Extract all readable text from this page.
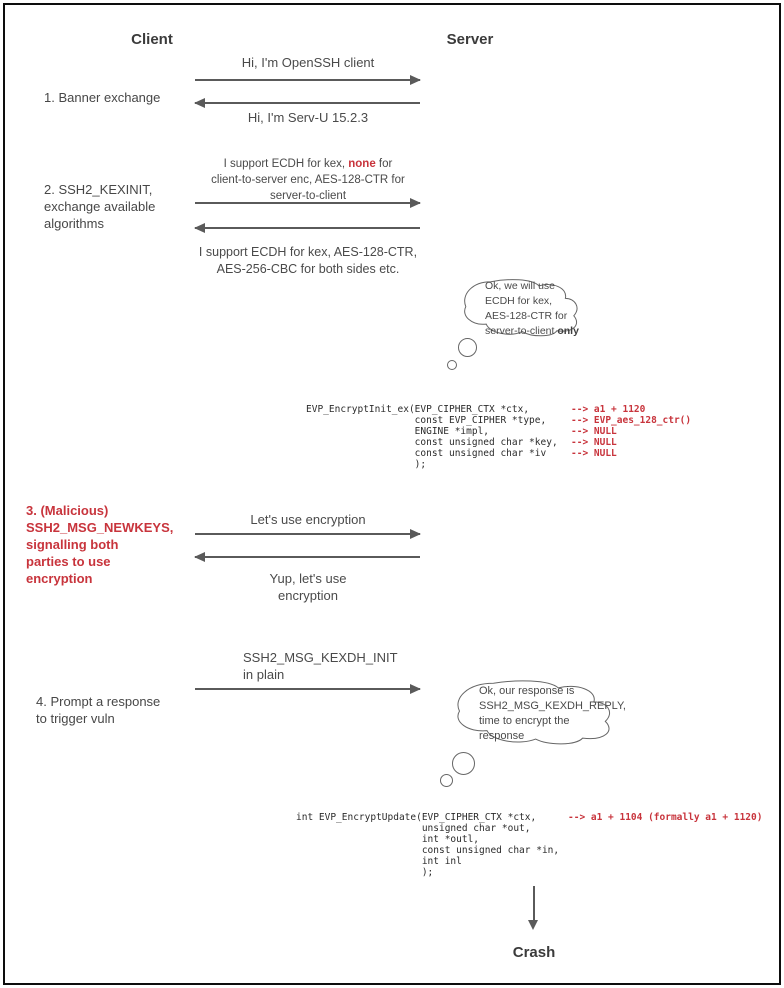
Client	Server
1. Banner exchange
Hi, I'm OpenSSH client
Hi, I'm Serv-U 15.2.3
2. SSH2_KEXINIT,
exchange available
algorithms
I support ECDH for kex, none for
client-to-server enc, AES-128-CTR for
server-to-client
I support ECDH for kex, AES-128-CTR,
AES-256-CBC for both sides etc.
Ok, we will use
ECDH for kex,
AES-128-CTR for
server-to-client only
EVP_EncryptInit_ex(EVP_CIPHER_CTX *ctx,	--> a1 + 1120
const EVP_CIPHER *type,	--> EVP_aes_128_ctr()
ENGINE *impl,	--> NULL
const unsigned char *key, --> NULL
const unsigned char *iv	--> NULL
);
3. (Malicious)
SSH2_MSG_NEWKEYS,
signalling both
parties to use
encryption
Let's use encryption
Yup, let's use
encryption
SSH2_MSG_KEXDH_INIT
in plain
4. Prompt a response
to trigger vuln
Ok, our response is
SSH2_MSG_KEXDH_REPLY,
time to encrypt the
response
int EVP_EncryptUpdate(EVP_CIPHER_CTX *ctx,	--> a1 + 1104 (formally a1 + 1120)
unsigned char *out,
int *outl,
const unsigned char *in,
int inl
);
Crash
